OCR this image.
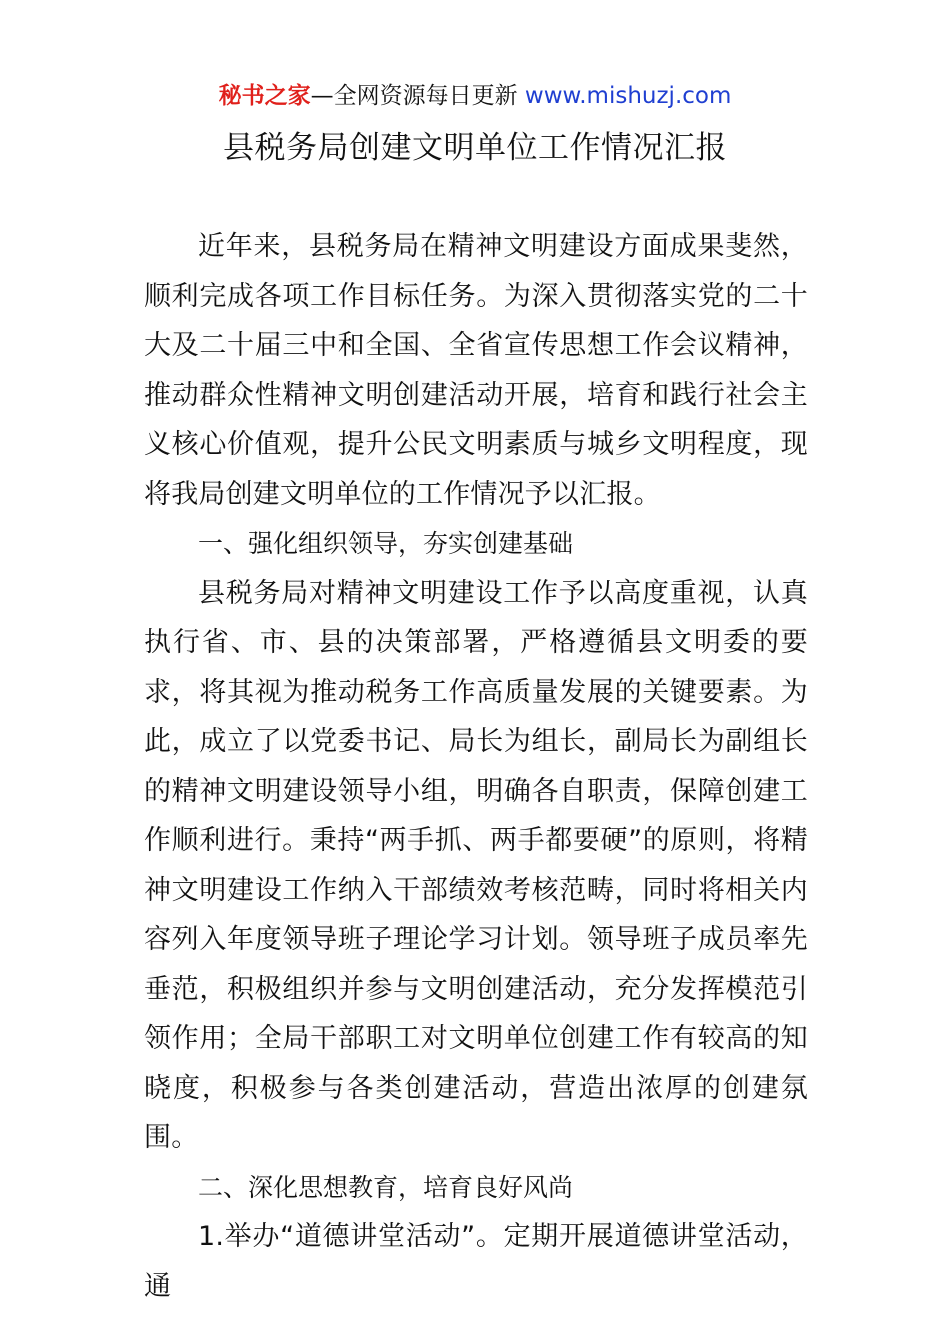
秘书之家—全网资源每日更新 www.mishuzj.com
县税务局创建文明单位工作情况汇报

近年来，县税务局在精神文明建设方面成果斐然，顺利完成各项工作目标任务。为深入贯彻落实党的二十大及二十届三中和全国、全省宣传思想工作会议精神，推动群众性精神文明创建活动开展，培育和践行社会主义核心价值观，提升公民文明素质与城乡文明程度，现将我局创建文明单位的工作情况予以汇报。

一、强化组织领导，夯实创建基础

县税务局对精神文明建设工作予以高度重视，认真执行省、市、县的决策部署，严格遵循县文明委的要求，将其视为推动税务工作高质量发展的关键要素。为此，成立了以党委书记、局长为组长，副局长为副组长的精神文明建设领导小组，明确各自职责，保障创建工作顺利进行。秉持“两手抓、两手都要硬”的原则，将精神文明建设工作纳入干部绩效考核范畴，同时将相关内容列入年度领导班子理论学习计划。领导班子成员率先垂范，积极组织并参与文明创建活动，充分发挥模范引领作用；全局干部职工对文明单位创建工作有较高的知晓度，积极参与各类创建活动，营造出浓厚的创建氛围。

二、深化思想教育，培育良好风尚

1.举办“道德讲堂活动”。定期开展道德讲堂活动，通
